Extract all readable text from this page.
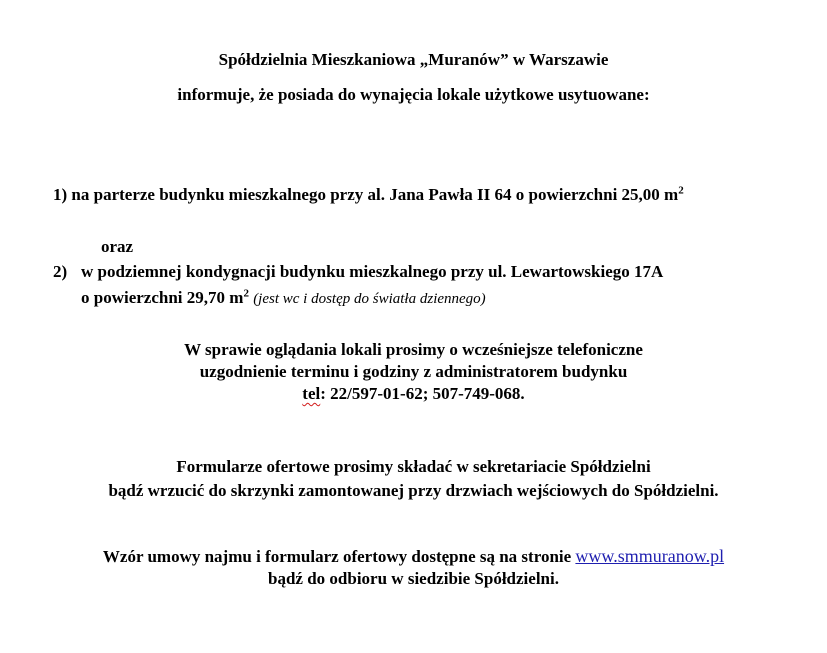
Spółdzielnia Mieszkaniowa „Muranów” w Warszawie
informuje, że posiada do wynajęcia lokale użytkowe usytuowane:
1) na parterze budynku mieszkalnego przy al. Jana Pawła II 64 o powierzchni 25,00 $m^2$
oraz
2) w podziemnej kondygnacji budynku mieszkalnego przy ul. Lewartowskiego 17A
o powierzchni 29,70 $m^2$ (jest wc i dostęp do światła dziennego)
W sprawie oglądania lokali prosimy o wcześniejsze telefoniczne
uzgodnienie terminu i godziny z administratorem budynku
tel: 22/597-01-62; 507-749-068.
Formularze ofertowe prosimy składać w sekretariacie Spółdzielni
bądź wrzucić do skrzynki zamontowanej przy drzwiach wejściowych do Spółdzielni.
Wzór umowy najmu i formularz ofertowy dostępne są na stronie www.smmuranow.pl
bądź do odbioru w siedzibie Spółdzielni.
